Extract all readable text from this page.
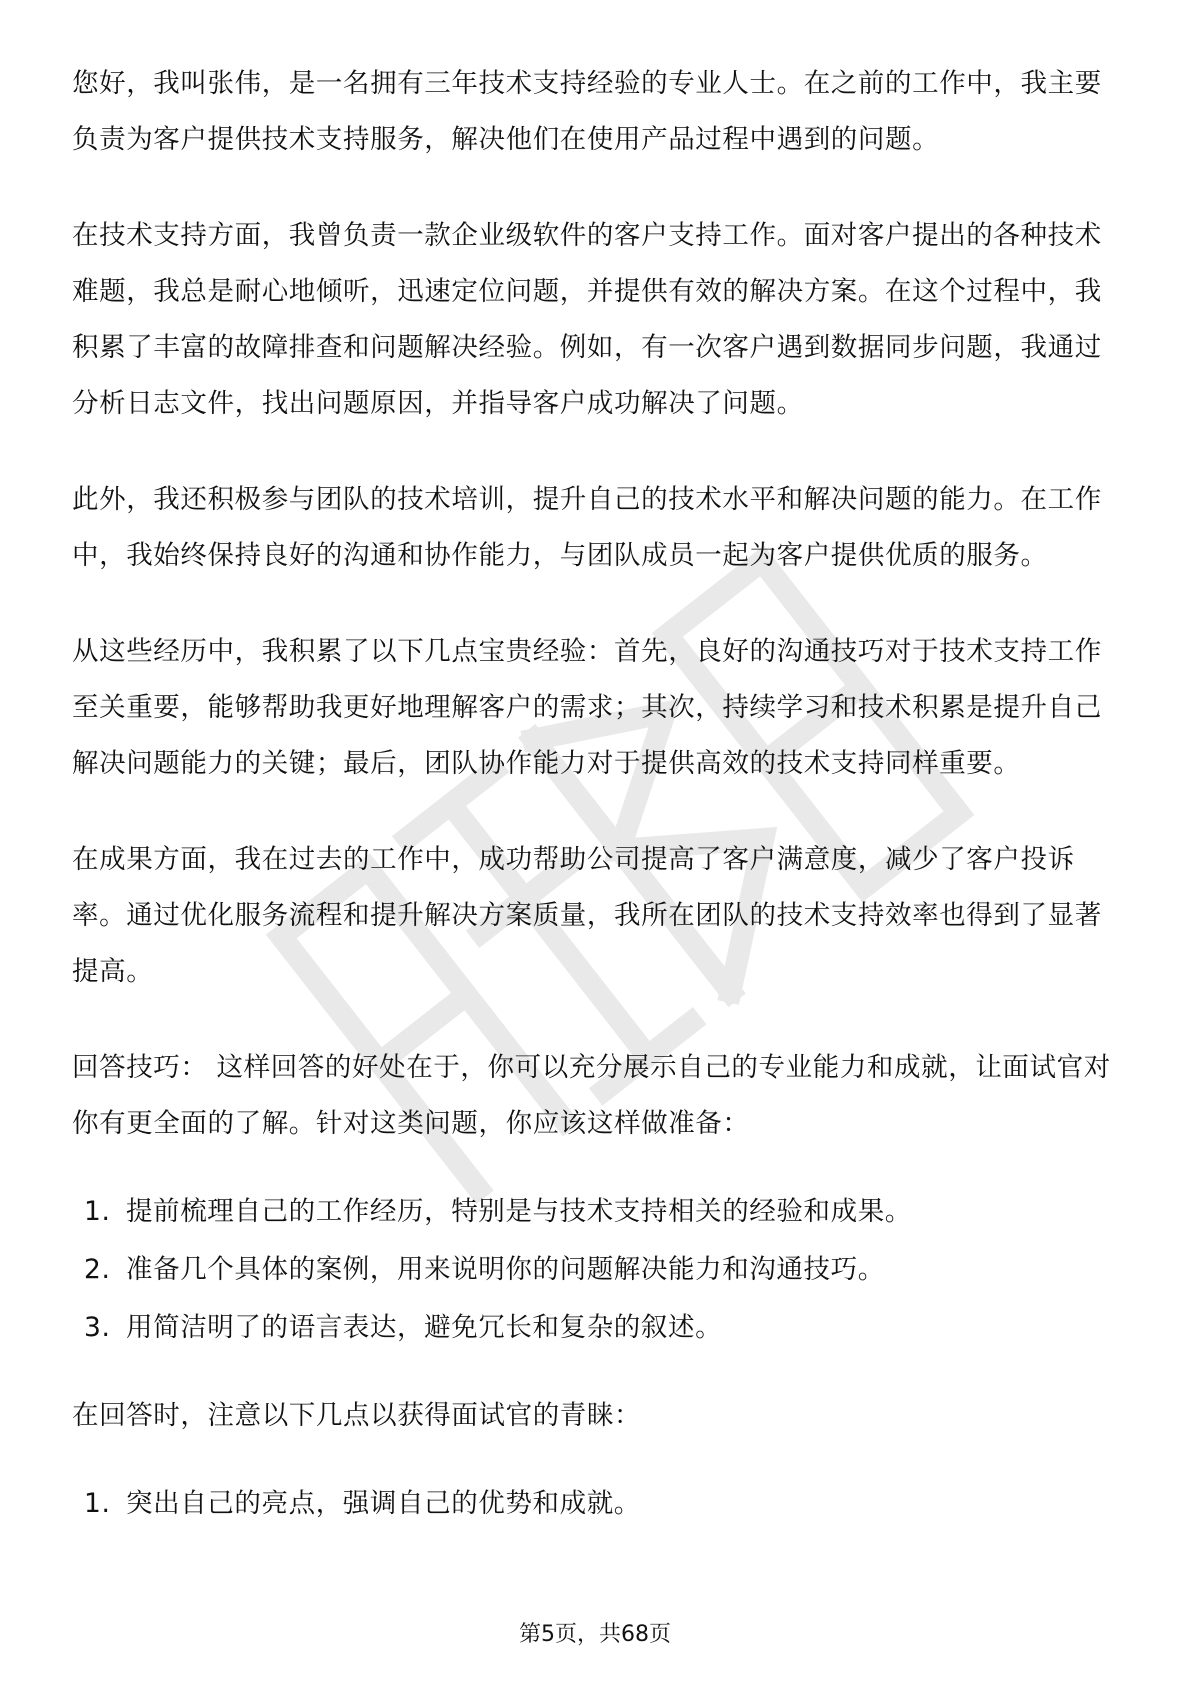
您好，我叫张伟，是一名拥有三年技术支持经验的专业人士。在之前的工作中，我主要负责为客户提供技术支持服务，解决他们在使用产品过程中遇到的问题。

在技术支持方面，我曾负责一款企业级软件的客户支持工作。面对客户提出的各种技术难题，我总是耐心地倾听，迅速定位问题，并提供有效的解决方案。在这个过程中，我积累了丰富的故障排查和问题解决经验。例如，有一次客户遇到数据同步问题，我通过分析日志文件，找出问题原因，并指导客户成功解决了问题。

此外，我还积极参与团队的技术培训，提升自己的技术水平和解决问题的能力。在工作中，我始终保持良好的沟通和协作能力，与团队成员一起为客户提供优质的服务。

从这些经历中，我积累了以下几点宝贵经验：首先，良好的沟通技巧对于技术支持工作至关重要，能够帮助我更好地理解客户的需求；其次，持续学习和技术积累是提升自己解决问题能力的关键；最后，团队协作能力对于提供高效的技术支持同样重要。

在成果方面，我在过去的工作中，成功帮助公司提高了客户满意度，减少了客户投诉率。通过优化服务流程和提升解决方案质量，我所在团队的技术支持效率也得到了显著提高。

回答技巧： 这样回答的好处在于，你可以充分展示自己的专业能力和成就，让面试官对你有更全面的了解。针对这类问题，你应该这样做准备：

1. 提前梳理自己的工作经历，特别是与技术支持相关的经验和成果。
2. 准备几个具体的案例，用来说明你的问题解决能力和沟通技巧。
3. 用简洁明了的语言表达，避免冗长和复杂的叙述。

在回答时，注意以下几点以获得面试官的青睐：

1. 突出自己的亮点，强调自己的优势和成就。
第5页，共68页
